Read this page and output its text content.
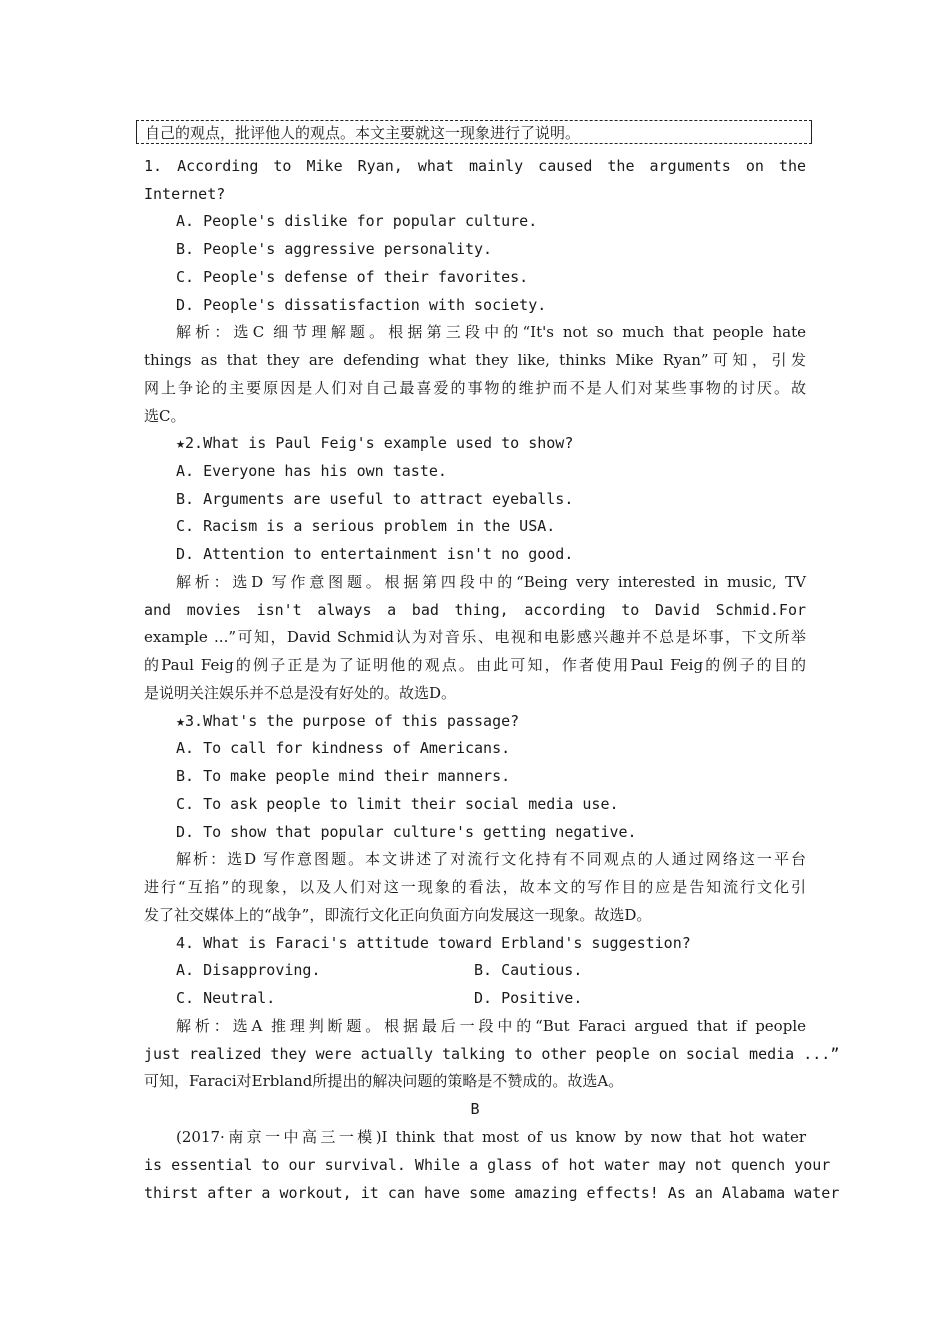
自己的观点，批评他人的观点。本文主要就这一现象进行了说明。
1. According to Mike Ryan, what mainly caused the arguments on the
Internet?
A. People's dislike for popular culture.
B. People's aggressive personality.
C. People's defense of their favorites.
D. People's dissatisfaction with society.
解析：选C 细节理解题。根据第三段中的“It's not so much that people hate
things as that they are defending what they like, thinks Mike Ryan”可知，引发
网上争论的主要原因是人们对自己最喜爱的事物的维护而不是人们对某些事物的讨厌。故
选C。
★2.What is Paul Feig's example used to show?
A. Everyone has his own taste.
B. Arguments are useful to attract eyeballs.
C. Racism is a serious problem in the USA.
D. Attention to entertainment isn't no good.
解析：选D 写作意图题。根据第四段中的“Being very interested in music, TV
and movies isn't always a bad thing, according to David Schmid.For
example ...”可知，David Schmid认为对音乐、电视和电影感兴趣并不总是坏事，下文所举
的Paul Feig的例子正是为了证明他的观点。由此可知，作者使用Paul Feig的例子的目的
是说明关注娱乐并不总是没有好处的。故选D。
★3.What's the purpose of this passage?
A. To call for kindness of Americans.
B. To make people mind their manners.
C. To ask people to limit their social media use.
D. To show that popular culture's getting negative.
解析：选D 写作意图题。本文讲述了对流行文化持有不同观点的人通过网络这一平台
进行“互掐”的现象，以及人们对这一现象的看法，故本文的写作目的应是告知流行文化引
发了社交媒体上的“战争”，即流行文化正向负面方向发展这一现象。故选D。
4. What is Faraci's attitude toward Erbland's suggestion?
A. Disapproving.	B. Cautious.
C. Neutral.	D. Positive.
解析：选A 推理判断题。根据最后一段中的“But Faraci argued that if people
just realized they were actually talking to other people on social media ...”
可知，Faraci对Erbland所提出的解决问题的策略是不赞成的。故选A。
B
(2017·南京一中高三一模)I think that most of us know by now that hot water
is essential to our survival. While a glass of hot water may not quench your
thirst after a workout, it can have some amazing effects! As an Alabama water
